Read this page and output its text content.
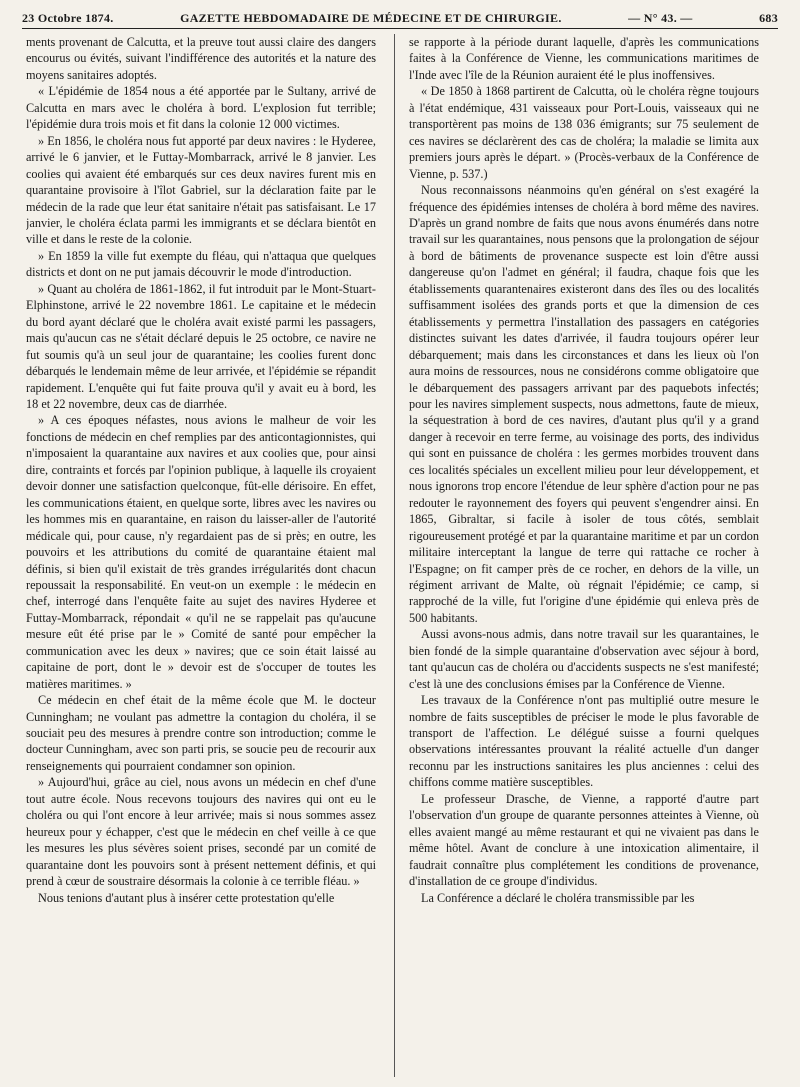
23 Octobre 1874.	GAZETTE HEBDOMADAIRE DE MÉDECINE ET DE CHIRURGIE.	— N° 43. —	683

ments provenant de Calcutta, et la preuve tout aussi claire des dangers encourus ou évités, suivant l'indifférence des autorités et la nature des moyens sanitaires adoptés.

« L'épidémie de 1854 nous a été apportée par le Sultany, arrivé de Calcutta en mars avec le choléra à bord. L'explosion fut terrible; l'épidémie dura trois mois et fit dans la colonie 12 000 victimes.

» En 1856, le choléra nous fut apporté par deux navires : le Hyderee, arrivé le 6 janvier, et le Futtay-Mombarrack, arrivé le 8 janvier. Les coolies qui avaient été embarqués sur ces deux navires furent mis en quarantaine provisoire à l'îlot Gabriel, sur la déclaration faite par le médecin de la rade que leur état sanitaire n'était pas satisfaisant. Le 17 janvier, le choléra éclata parmi les immigrants et se déclara bientôt en ville et dans le reste de la colonie.

» En 1859 la ville fut exempte du fléau, qui n'attaqua que quelques districts et dont on ne put jamais découvrir le mode d'introduction.

» Quant au choléra de 1861-1862, il fut introduit par le Mont-Stuart-Elphinstone, arrivé le 22 novembre 1861. Le capitaine et le médecin du bord ayant déclaré que le choléra avait existé parmi les passagers, mais qu'aucun cas ne s'était déclaré depuis le 25 octobre, ce navire ne fut soumis qu'à un seul jour de quarantaine; les coolies furent donc débarqués le lendemain même de leur arrivée, et l'épidémie se répandit rapidement. L'enquête qui fut faite prouva qu'il y avait eu à bord, les 18 et 22 novembre, deux cas de diarrhée.

» A ces époques néfastes, nous avions le malheur de voir les fonctions de médecin en chef remplies par des anticontagionnistes, qui n'imposaient la quarantaine aux navires et aux coolies que, pour ainsi dire, contraints et forcés par l'opinion publique, à laquelle ils croyaient devoir donner une satisfaction quelconque, fût-elle dérisoire. En effet, les communications étaient, en quelque sorte, libres avec les navires ou les hommes mis en quarantaine, en raison du laisser-aller de l'autorité médicale qui, pour cause, n'y regardaient pas de si près; en outre, les pouvoirs et les attributions du comité de quarantaine étaient mal définis, si bien qu'il existait de très grandes irrégularités dont chacun repoussait la responsabilité. En veut-on un exemple : le médecin en chef, interrogé dans l'enquête faite au sujet des navires Hyderee et Futtay-Mombarrack, répondait « qu'il ne se rappelait pas qu'aucune mesure eût été prise par le » Comité de santé pour empêcher la communication avec les deux » navires; que ce soin était laissé au capitaine de port, dont le » devoir est de s'occuper de toutes les matières maritimes. »

Ce médecin en chef était de la même école que M. le docteur Cunningham; ne voulant pas admettre la contagion du choléra, il se souciait peu des mesures à prendre contre son introduction; comme le docteur Cunningham, avec son parti pris, se soucie peu de recourir aux renseignements qui pourraient condamner son opinion.

» Aujourd'hui, grâce au ciel, nous avons un médecin en chef d'une tout autre école. Nous recevons toujours des navires qui ont eu le choléra ou qui l'ont encore à leur arrivée; mais si nous sommes assez heureux pour y échapper, c'est que le médecin en chef veille à ce que les mesures les plus sévères soient prises, secondé par un comité de quarantaine dont les pouvoirs sont à présent nettement définis, et qui prend à cœur de soustraire désormais la colonie à ce terrible fléau. »

Nous tenions d'autant plus à insérer cette protestation qu'elle

se rapporte à la période durant laquelle, d'après les communications faites à la Conférence de Vienne, les communications maritimes de l'Inde avec l'île de la Réunion auraient été le plus inoffensives.

« De 1850 à 1868 partirent de Calcutta, où le choléra règne toujours à l'état endémique, 431 vaisseaux pour Port-Louis, vaisseaux qui ne transportèrent pas moins de 138 036 émigrants; sur 75 seulement de ces navires se déclarèrent des cas de choléra; la maladie se limita aux premiers jours après le départ. » (Procès-verbaux de la Conférence de Vienne, p. 537.)

Nous reconnaissons néanmoins qu'en général on s'est exagéré la fréquence des épidémies intenses de choléra à bord même des navires. D'après un grand nombre de faits que nous avons énumérés dans notre travail sur les quarantaines, nous pensons que la prolongation de séjour à bord de bâtiments de provenance suspecte est loin d'être aussi dangereuse qu'on l'admet en général; il faudra, chaque fois que les établissements quarantenaires existeront dans des îles ou des localités suffisamment isolées des grands ports et que la dimension de ces établissements y permettra l'installation des passagers en catégories distinctes suivant les dates d'arrivée, il faudra toujours opérer leur débarquement; mais dans les circonstances et dans les lieux où l'on aura moins de ressources, nous ne considérons comme obligatoire que le débarquement des passagers arrivant par des paquebots infectés; pour les navires simplement suspects, nous admettons, faute de mieux, la séquestration à bord de ces navires, d'autant plus qu'il y a grand danger à recevoir en terre ferme, au voisinage des ports, des individus qui sont en puissance de choléra : les germes morbides trouvent dans ces localités spéciales un excellent milieu pour leur développement, et nous ignorons trop encore l'étendue de leur sphère d'action pour ne pas redouter le rayonnement des foyers qui peuvent s'engendrer ainsi. En 1865, Gibraltar, si facile à isoler de tous côtés, semblait rigoureusement protégé et par la quarantaine maritime et par un cordon militaire interceptant la langue de terre qui rattache ce rocher à l'Espagne; on fit camper près de ce rocher, en dehors de la ville, un régiment arrivant de Malte, où régnait l'épidémie; ce camp, si rapproché de la ville, fut l'origine d'une épidémie qui enleva près de 500 habitants.

Aussi avons-nous admis, dans notre travail sur les quarantaines, le bien fondé de la simple quarantaine d'observation avec séjour à bord, tant qu'aucun cas de choléra ou d'accidents suspects ne s'est manifesté; c'est là une des conclusions émises par la Conférence de Vienne.

Les travaux de la Conférence n'ont pas multiplié outre mesure le nombre de faits susceptibles de préciser le mode le plus favorable de transport de l'affection. Le délégué suisse a fourni quelques observations intéressantes prouvant la réalité actuelle d'un danger reconnu par les instructions sanitaires les plus anciennes : celui des chiffons comme matière susceptibles.

Le professeur Drasche, de Vienne, a rapporté d'autre part l'observation d'un groupe de quarante personnes atteintes à Vienne, où elles avaient mangé au même restaurant et qui ne vivaient pas dans le même hôtel. Avant de conclure à une intoxication alimentaire, il faudrait connaître plus complétement les conditions de provenance, d'installation de ce groupe d'individus.

La Conférence a déclaré le choléra transmissible par les
